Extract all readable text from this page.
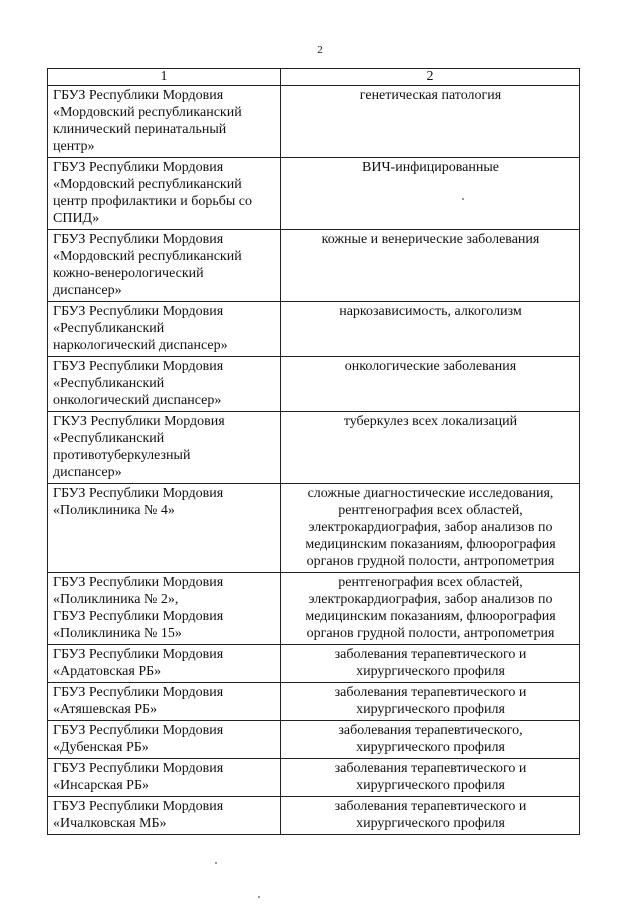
2
1	2

ГБУЗ Республики Мордовия
«Мордовский республиканский
клинический перинатальный
центр»	генетическая патология

ГБУЗ Республики Мордовия
«Мордовский республиканский
центр профилактики и борьбы со
СПИД»	ВИЧ-инфицированные

ГБУЗ Республики Мордовия
«Мордовский республиканский
кожно-венерологический
диспансер»	кожные и венерические заболевания

ГБУЗ Республики Мордовия
«Республиканский
наркологический диспансер»	наркозависимость, алкоголизм

ГБУЗ Республики Мордовия
«Республиканский
онкологический диспансер»	онкологические заболевания

ГКУЗ Республики Мордовия
«Республиканский
противотуберкулезный
диспансер»	туберкулез всех локализаций

ГБУЗ Республики Мордовия
«Поликлиника № 4»	сложные диагностические исследования,
рентгенография всех областей,
электрокардиография, забор анализов по
медицинским показаниям, флюорография
органов грудной полости, антропометрия

ГБУЗ Республики Мордовия
«Поликлиника № 2»,
ГБУЗ Республики Мордовия
«Поликлиника № 15»	рентгенография всех областей,
электрокардиография, забор анализов по
медицинским показаниям, флюорография
органов грудной полости, антропометрия

ГБУЗ Республики Мордовия
«Ардатовская РБ»	заболевания терапевтического и
хирургического профиля

ГБУЗ Республики Мордовия
«Атяшевская РБ»	заболевания терапевтического и
хирургического профиля

ГБУЗ Республики Мордовия
«Дубенская РБ»	заболевания терапевтического,
хирургического профиля

ГБУЗ Республики Мордовия
«Инсарская РБ»	заболевания терапевтического и
хирургического профиля

ГБУЗ Республики Мордовия
«Ичалковская МБ»	заболевания терапевтического и
хирургического профиля
